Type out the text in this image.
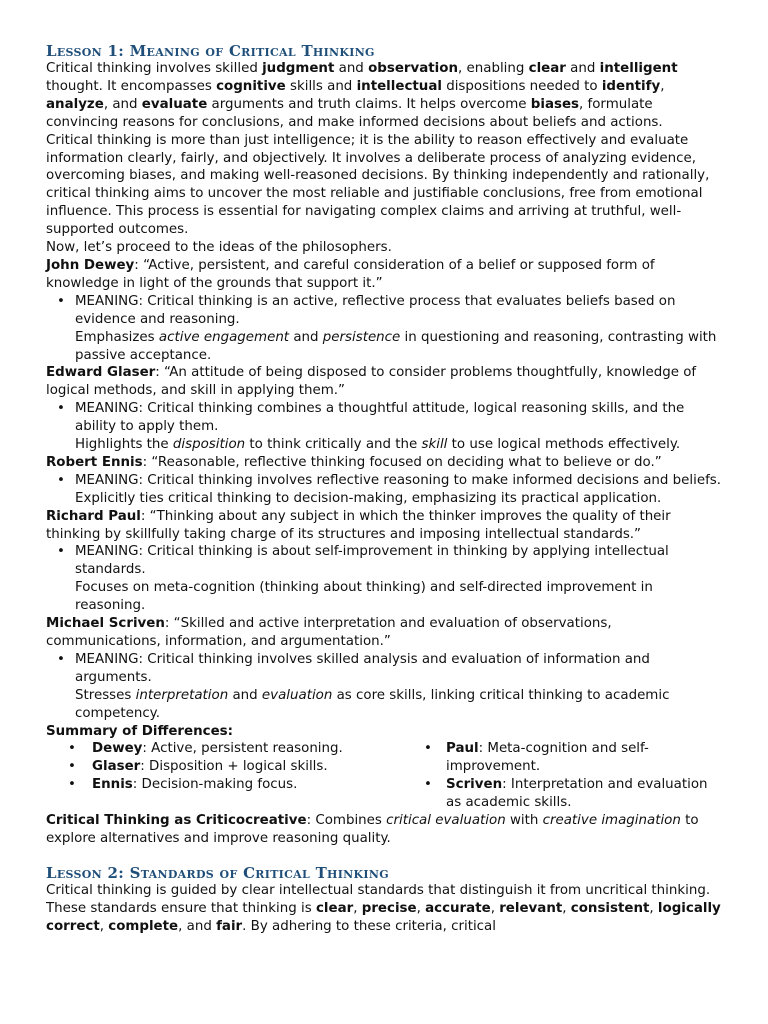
Lesson 1: Meaning of Critical Thinking

Critical thinking involves skilled judgment and observation, enabling clear and intelligent thought. It encompasses cognitive skills and intellectual dispositions needed to identify, analyze, and evaluate arguments and truth claims. It helps overcome biases, formulate convincing reasons for conclusions, and make informed decisions about beliefs and actions.

Critical thinking is more than just intelligence; it is the ability to reason effectively and evaluate information clearly, fairly, and objectively. It involves a deliberate process of analyzing evidence, overcoming biases, and making well-reasoned decisions. By thinking independently and rationally, critical thinking aims to uncover the most reliable and justifiable conclusions, free from emotional influence. This process is essential for navigating complex claims and arriving at truthful, well-supported outcomes.

Now, let’s proceed to the ideas of the philosophers.

John Dewey: “Active, persistent, and careful consideration of a belief or supposed form of knowledge in light of the grounds that support it.”

• MEANING: Critical thinking is an active, reflective process that evaluates beliefs based on evidence and reasoning.
Emphasizes active engagement and persistence in questioning and reasoning, contrasting with passive acceptance.

Edward Glaser: “An attitude of being disposed to consider problems thoughtfully, knowledge of logical methods, and skill in applying them.”

• MEANING: Critical thinking combines a thoughtful attitude, logical reasoning skills, and the ability to apply them.
Highlights the disposition to think critically and the skill to use logical methods effectively.

Robert Ennis: “Reasonable, reflective thinking focused on deciding what to believe or do.”

• MEANING: Critical thinking involves reflective reasoning to make informed decisions and beliefs.
Explicitly ties critical thinking to decision-making, emphasizing its practical application.

Richard Paul: “Thinking about any subject in which the thinker improves the quality of their thinking by skillfully taking charge of its structures and imposing intellectual standards.”

• MEANING: Critical thinking is about self-improvement in thinking by applying intellectual standards.
Focuses on meta-cognition (thinking about thinking) and self-directed improvement in reasoning.

Michael Scriven: “Skilled and active interpretation and evaluation of observations, communications, information, and argumentation.”

• MEANING: Critical thinking involves skilled analysis and evaluation of information and arguments.
Stresses interpretation and evaluation as core skills, linking critical thinking to academic competency.
Summary of Differences:
• Dewey: Active, persistent reasoning.
• Glaser: Disposition + logical skills.
• Ennis: Decision-making focus.
• Paul: Meta-cognition and self-improvement.
• Scriven: Interpretation and evaluation as academic skills.

Critical Thinking as Criticocreative: Combines critical evaluation with creative imagination to explore alternatives and improve reasoning quality.

Lesson 2: Standards of Critical Thinking

Critical thinking is guided by clear intellectual standards that distinguish it from uncritical thinking. These standards ensure that thinking is clear, precise, accurate, relevant, consistent, logically correct, complete, and fair. By adhering to these criteria, critical
